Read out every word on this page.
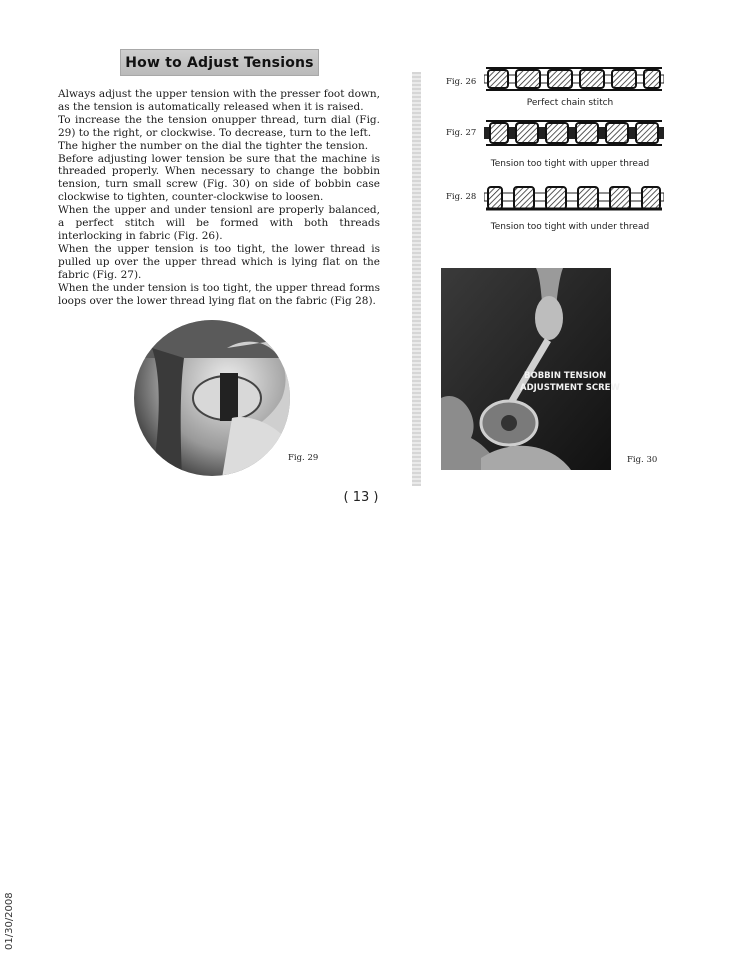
How to Adjust Tensions

Always adjust the upper tension with the presser foot down, as the tension is automatically released when it is raised.

To increase the the tension onupper thread, turn dial (Fig. 29) to the right, or clockwise. To decrease, turn to the left.

The higher the number on the dial the tighter the tension.

Before adjusting lower tension be sure that the machine is threaded properly. When necessary to change the bobbin tension, turn small screw (Fig. 30) on side of bobbin case clockwise to tighten, counter-clockwise to loosen.

When the upper and under tensionl are properly balanced, a perfect stitch will be formed with both threads interlocking in fabric (Fig. 26).

When the upper tension is too tight, the lower thread is pulled up over the upper thread which is lying flat on the fabric (Fig. 27).

When the under tension is too tight, the upper thread forms loops over the lower thread lying flat on the fabric (Fig 28).

Fig. 26
Perfect chain stitch
Fig. 27
Tension too tight with upper thread
Fig. 28
Tension too tight with under thread
Fig. 29
BOBBIN TENSION
ADJUSTMENT SCREW
Fig. 30
( 13 )
01/30/2008
